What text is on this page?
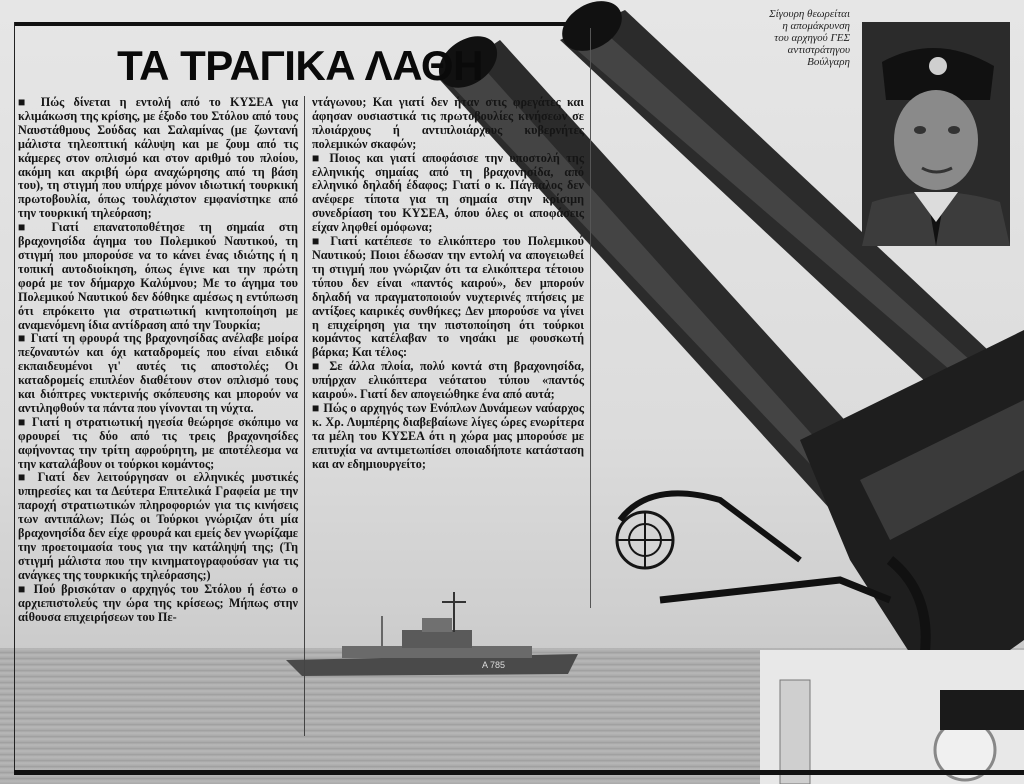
A 785
Σίγουρη θεωρείται
η απομάκρυνση
του αρχηγού ΓΕΣ
αντιστράτηγου
Βούλγαρη
ΤΑ ΤΡΑΓΙΚΑ ΛΑΘΗ

■ Πώς δίνεται η εντολή από το ΚΥΣΕΑ για κλιμάκωση της κρίσης, με έξοδο του Στόλου από τους Ναυστάθμους Σούδας και Σαλαμίνας (με ζωντανή μάλιστα τηλεοπτική κάλυψη και με ζουμ από τις κάμερες στον οπλισμό και στον αριθμό του πλοίου, ακόμη και ακριβή ώρα αναχώρησης από τη βάση του), τη στιγμή που υπήρχε μόνον ιδιωτική τουρκική πρωτοβουλία, όπως τουλάχιστον εμφανίστηκε από την τουρκική τηλεόραση;

■ Γιατί επανατοποθέτησε τη σημαία στη βραχονησίδα άγημα του Πολεμικού Ναυτικού, τη στιγμή που μπορούσε να το κάνει ένας ιδιώτης ή η τοπική αυτοδιοίκηση, όπως έγινε και την πρώτη φορά με τον δήμαρχο Καλύμνου; Με το άγημα του Πολεμικού Ναυτικού δεν δόθηκε αμέσως η εντύπωση ότι επρόκειτο για στρατιωτική κινητοποίηση με αναμενόμενη ίδια αντίδραση από την Τουρκία;

■ Γιατί τη φρουρά της βραχονησίδας ανέλαβε μοίρα πεζοναυτών και όχι καταδρομείς που είναι ειδικά εκπαιδευμένοι γι' αυτές τις αποστολές; Οι καταδρομείς επιπλέον διαθέτουν στον οπλισμό τους και διόπτρες νυκτερινής σκόπευσης και μπορούν να αντιληφθούν τα πάντα που γίνονται τη νύχτα.

■ Γιατί η στρατιωτική ηγεσία θεώρησε σκόπιμο να φρουρεί τις δύο από τις τρεις βραχονησίδες αφήνοντας την τρίτη αφρούρητη, με αποτέλεσμα να την καταλάβουν οι τούρκοι κομάντος;

■ Γιατί δεν λειτούργησαν οι ελληνικές μυστικές υπηρεσίες και τα Δεύτερα Επιτελικά Γραφεία με την παροχή στρατιωτικών πληροφοριών για τις κινήσεις των αντιπάλων; Πώς οι Τούρκοι γνώριζαν ότι μία βραχονησίδα δεν είχε φρουρά και εμείς δεν γνωρίζαμε την προετοιμασία τους για την κατάληψή της; (Τη στιγμή μάλιστα που την κινηματογραφούσαν για τις ανάγκες της τουρκικής τηλεόρασης;)

■ Πού βρισκόταν ο αρχηγός του Στόλου ή έστω ο αρχιεπιστολεύς την ώρα της κρίσεως; Μήπως στην αίθουσα επιχειρήσεων του Πε-

ντάγωνου; Και γιατί δεν ήταν στις φρεγάτες και άφησαν ουσιαστικά τις πρωτοβουλίες κινήσεων σε πλοιάρχους ή αντιπλοιάρχους κυβερνήτες πολεμικών σκαφών;

■ Ποιος και γιατί αποφάσισε την υποστολή της ελληνικής σημαίας από τη βραχονησίδα, από ελληνικό δηλαδή έδαφος; Γιατί ο κ. Πάγκαλος δεν ανέφερε τίποτα για τη σημαία στην κρίσιμη συνεδρίαση του ΚΥΣΕΑ, όπου όλες οι αποφάσεις είχαν ληφθεί ομόφωνα;

■ Γιατί κατέπεσε το ελικόπτερο του Πολεμικού Ναυτικού; Ποιοι έδωσαν την εντολή να απογειωθεί τη στιγμή που γνώριζαν ότι τα ελικόπτερα τέτοιου τύπου δεν είναι «παντός καιρού», δεν μπορούν δηλαδή να πραγματοποιούν νυχτερινές πτήσεις με αντίξοες καιρικές συνθήκες; Δεν μπορούσε να γίνει η επιχείρηση για την πιστοποίηση ότι τούρκοι κομάντος κατέλαβαν το νησάκι με φουσκωτή βάρκα; Και τέλος:

■ Σε άλλα πλοία, πολύ κοντά στη βραχονησίδα, υπήρχαν ελικόπτερα νεότατου τύπου «παντός καιρού». Γιατί δεν απογειώθηκε ένα από αυτά;

■ Πώς ο αρχηγός των Ενόπλων Δυνάμεων ναύαρχος κ. Χρ. Λυμπέρης διαβεβαίωνε λίγες ώρες ενωρίτερα τα μέλη του ΚΥΣΕΑ ότι η χώρα μας μπορούσε με επιτυχία να αντιμετωπίσει οποιαδήποτε κατάσταση και αν εδημιουργείτο;
